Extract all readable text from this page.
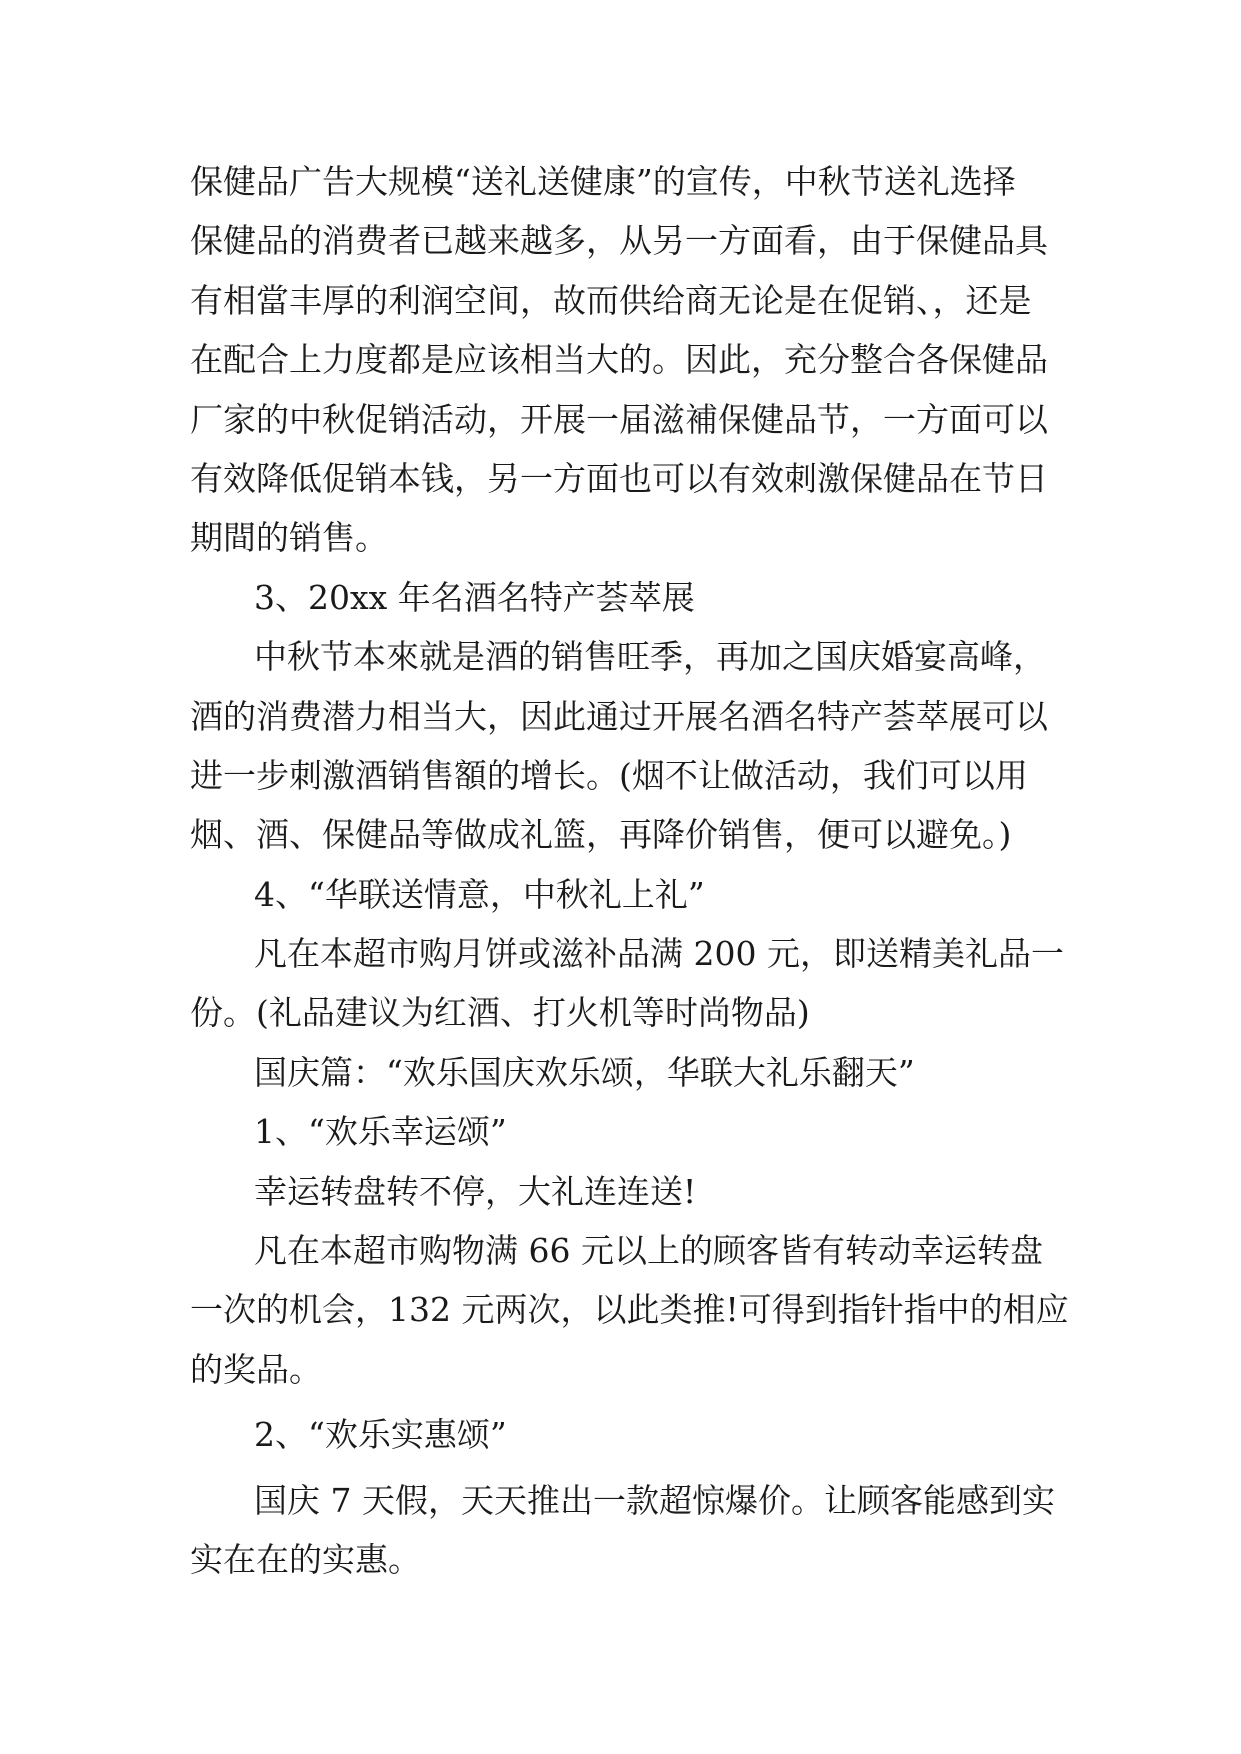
保健品广告大规模“送礼送健康”的宣传，中秋节送礼选择
保健品的消费者已越来越多，从另一方面看，由于保健品具
有相當丰厚的利润空间，故而供给商无论是在促销、，还是
在配合上力度都是应该相当大的。因此，充分整合各保健品
厂家的中秋促销活动，开展一届滋補保健品节，一方面可以
有效降低促销本钱，另一方面也可以有效刺激保健品在节日
期間的销售。
3、20xx 年名酒名特产荟萃展
中秋节本來就是酒的销售旺季，再加之国庆婚宴高峰，
酒的消费潜力相当大，因此通过开展名酒名特产荟萃展可以
进一步刺激酒销售額的增长。(烟不让做活动，我们可以用
烟、酒、保健品等做成礼篮，再降价销售，便可以避免。)
4、“华联送情意，中秋礼上礼”
凡在本超市购月饼或滋补品满 200 元，即送精美礼品一
份。(礼品建议为红酒、打火机等时尚物品)
国庆篇：“欢乐国庆欢乐颂，华联大礼乐翻天”
1、“欢乐幸运颂”
幸运转盘转不停，大礼连连送!
凡在本超市购物满 66 元以上的顾客皆有转动幸运转盘
一次的机会，132 元两次，以此类推!可得到指针指中的相应
的奖品。
2、“欢乐实惠颂”
国庆 7 天假，天天推出一款超惊爆价。让顾客能感到实
实在在的实惠。
